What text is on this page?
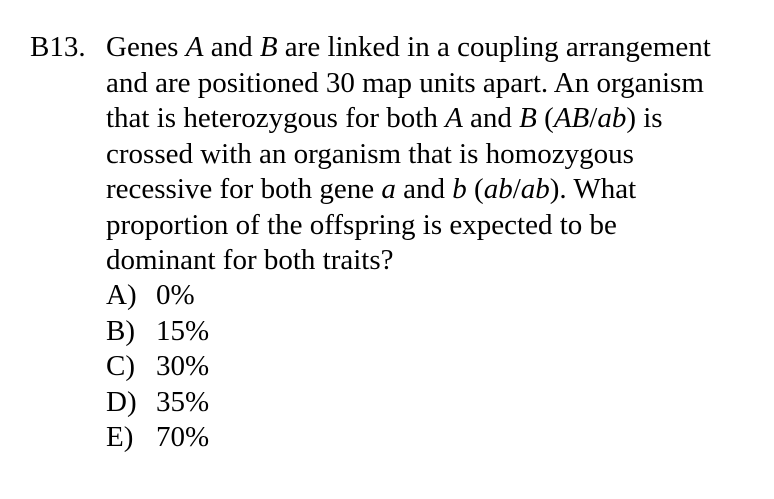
B13. Genes A and B are linked in a coupling arrangement
and are positioned 30 map units apart. An organism
that is heterozygous for both A and B (AB/ab) is
crossed with an organism that is homozygous
recessive for both gene a and b (ab/ab). What
proportion of the offspring is expected to be
dominant for both traits?
A) 0%
B) 15%
C) 30%
D) 35%
E) 70%
